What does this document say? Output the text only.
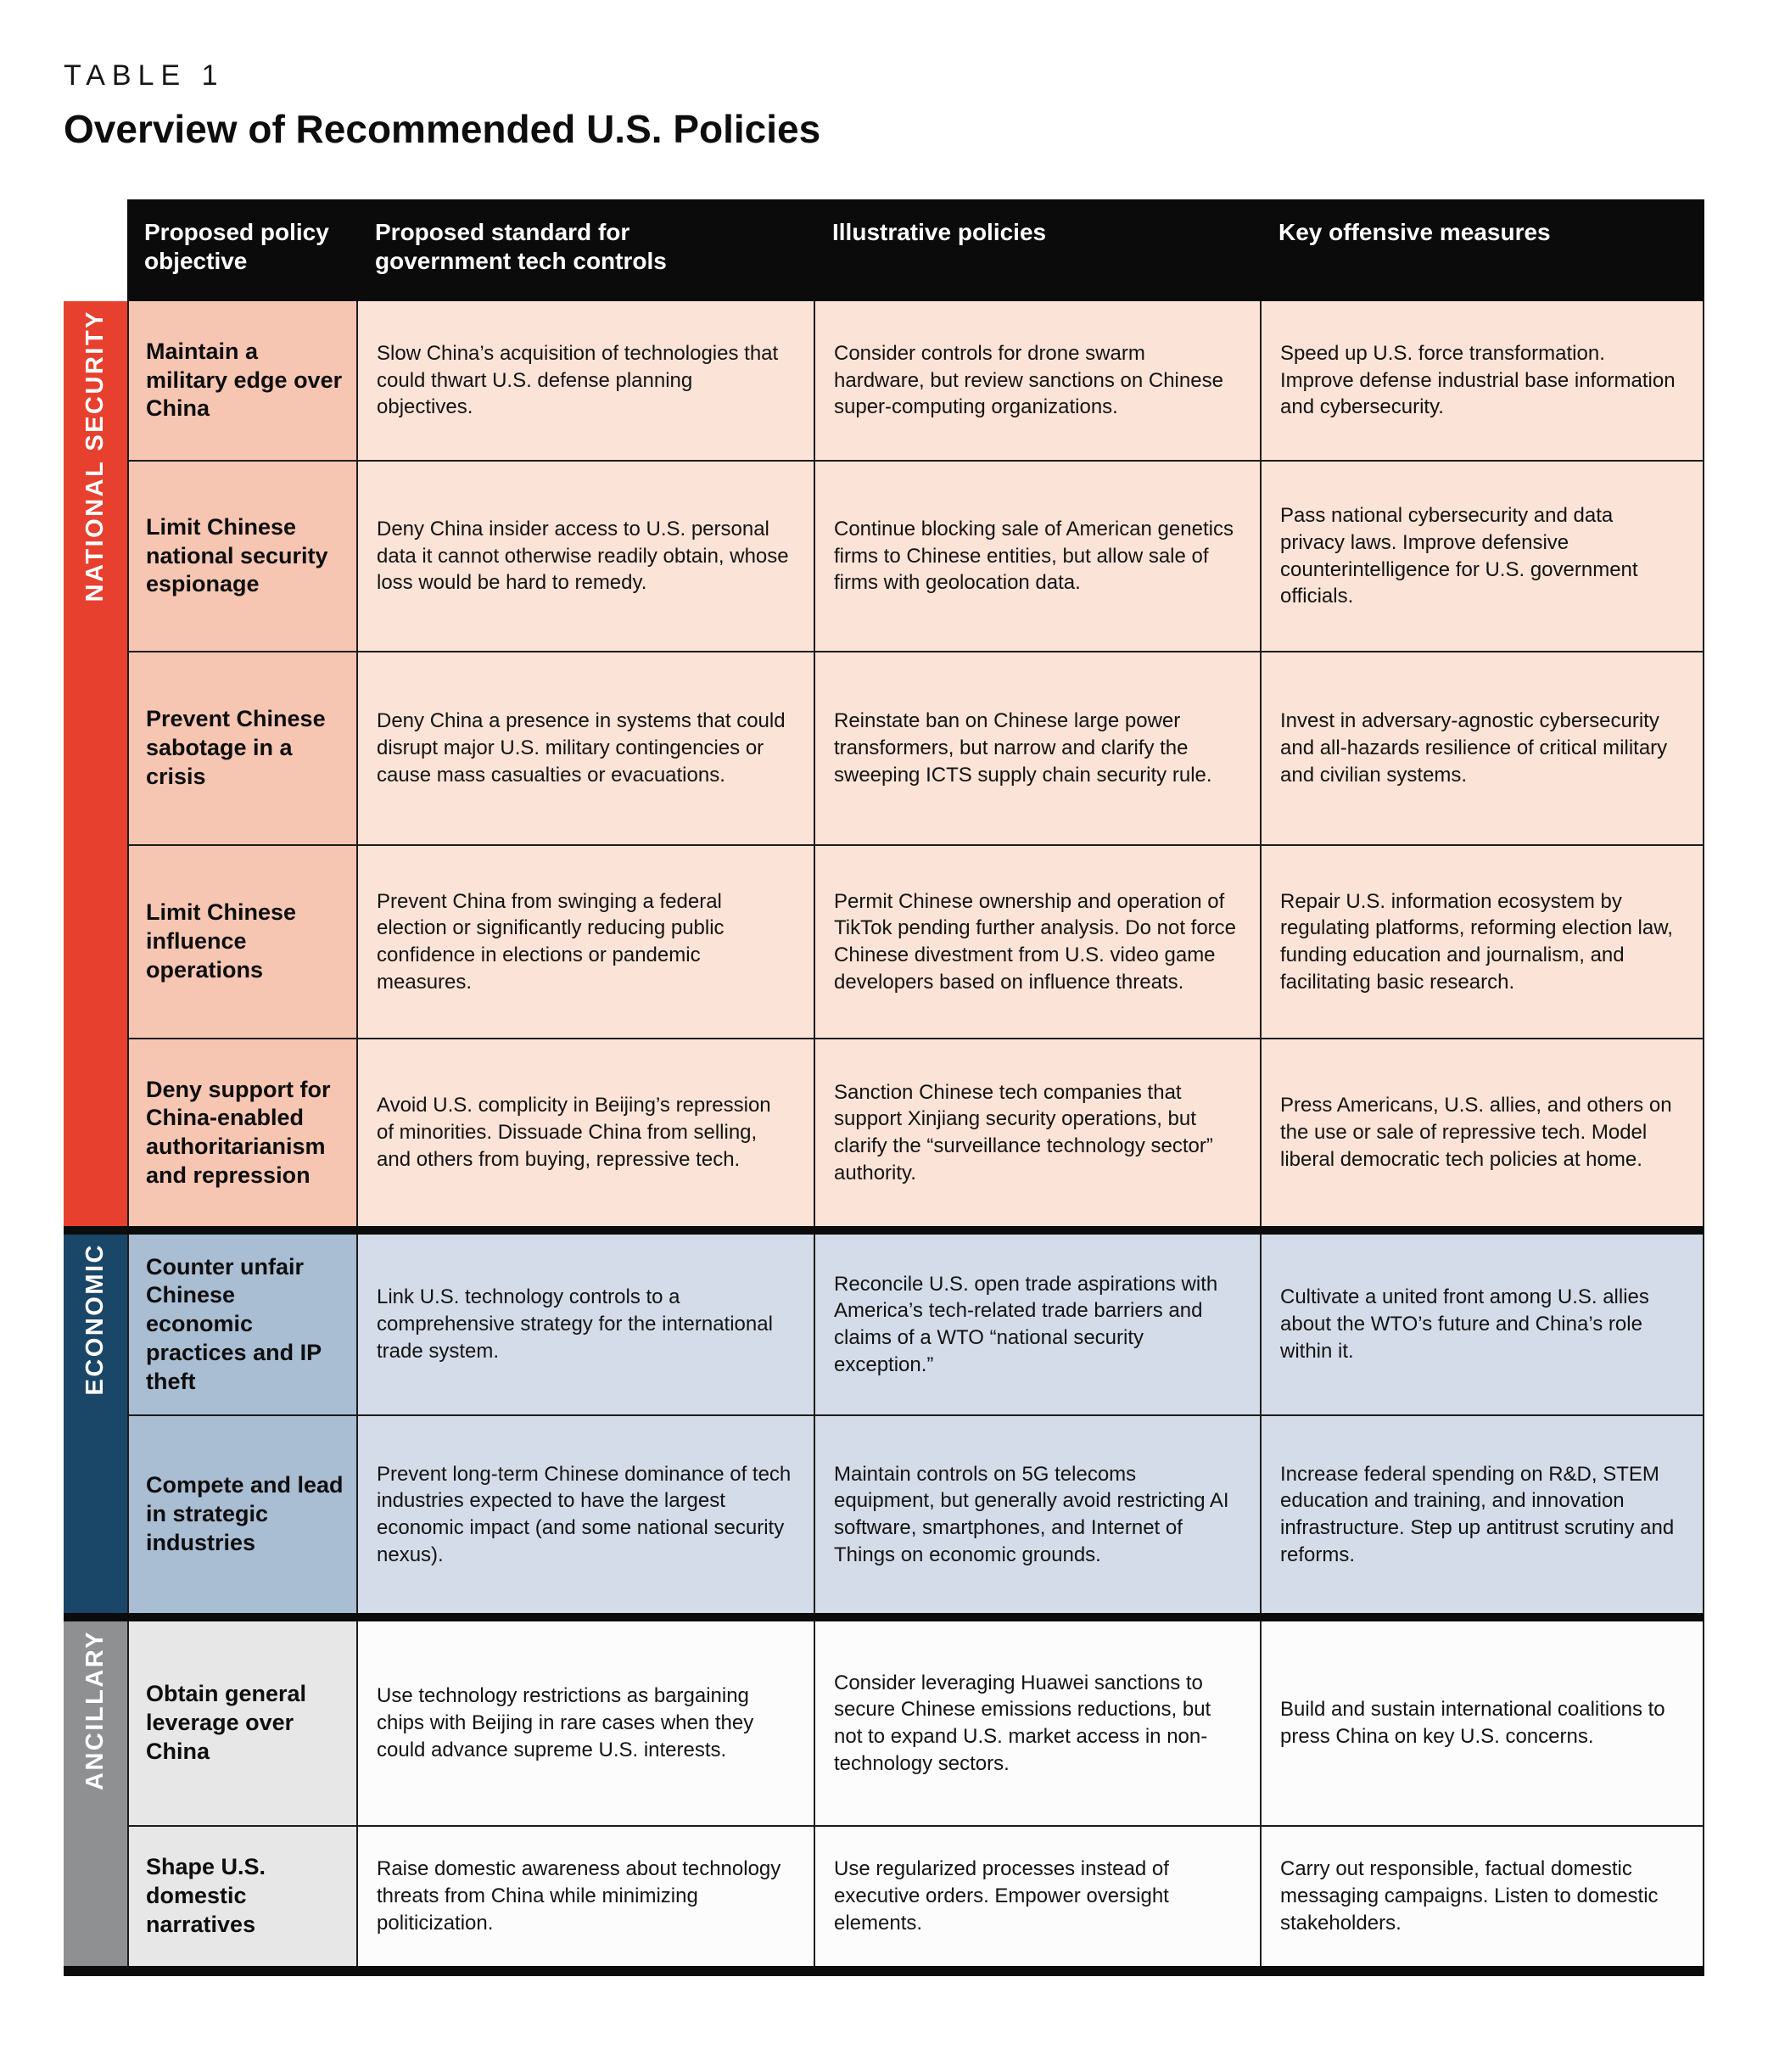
TABLE 1
Overview of Recommended U.S. Policies
Proposed policy objective
Proposed standard for government tech controls
Illustrative policies	Key offensive measures
NATIONAL SECURITY Maintain a military edge over China

Slow China’s acquisition of technologies that could thwart U.S. defense planning objectives.

Consider controls for drone swarm hardware, but review sanctions on Chinese super-computing organizations.

Speed up U.S. force transformation. Improve defense industrial base information and cybersecurity.

Limit Chinese national security espionage

Deny China insider access to U.S. personal data it cannot otherwise readily obtain, whose loss would be hard to remedy.

Continue blocking sale of American genetics firms to Chinese entities, but allow sale of firms with geolocation data.

Pass national cybersecurity and data privacy laws. Improve defensive counterintelligence for U.S. government officials.

Prevent Chinese sabotage in a crisis

Deny China a presence in systems that could disrupt major U.S. military contingencies or cause mass casualties or evacuations.

Reinstate ban on Chinese large power transformers, but narrow and clarify the sweeping ICTS supply chain security rule.

Invest in adversary-agnostic cybersecurity and all-hazards resilience of critical military and civilian systems.

Limit Chinese influence operations

Prevent China from swinging a federal election or significantly reducing public confidence in elections or pandemic measures.

Permit Chinese ownership and operation of TikTok pending further analysis. Do not force Chinese divestment from U.S. video game developers based on influence threats.

Repair U.S. information ecosystem by regulating platforms, reforming election law, funding education and journalism, and facilitating basic research.

Deny support for China-enabled authoritarianism and repression

Avoid U.S. complicity in Beijing’s repression of minorities. Dissuade China from selling, and others from buying, repressive tech.

Sanction Chinese tech companies that support Xinjiang security operations, but clarify the “surveillance technology sector” authority.

Press Americans, U.S. allies, and others on the use or sale of repressive tech. Model liberal democratic tech policies at home.

ECONOMIC Counter unfair Chinese economic practices and IP theft

Link U.S. technology controls to a comprehensive strategy for the international trade system.

Reconcile U.S. open trade aspirations with America’s tech-related trade barriers and claims of a WTO “national security exception.”

Cultivate a united front among U.S. allies about the WTO’s future and China’s role within it.

Compete and lead in strategic industries

Prevent long-term Chinese dominance of tech industries expected to have the largest economic impact (and some national security nexus).

Maintain controls on 5G telecoms equipment, but generally avoid restricting AI software, smartphones, and Internet of Things on economic grounds.

Increase federal spending on R&D, STEM education and training, and innovation infrastructure. Step up antitrust scrutiny and reforms.

ANCILLARY Obtain general leverage over China

Use technology restrictions as bargaining chips with Beijing in rare cases when they could advance supreme U.S. interests.

Consider leveraging Huawei sanctions to secure Chinese emissions reductions, but not to expand U.S. market access in non-technology sectors.

Build and sustain international coalitions to press China on key U.S. concerns.

Shape U.S. domestic narratives

Raise domestic awareness about technology threats from China while minimizing politicization.

Use regularized processes instead of executive orders. Empower oversight elements.

Carry out responsible, factual domestic messaging campaigns. Listen to domestic stakeholders.
